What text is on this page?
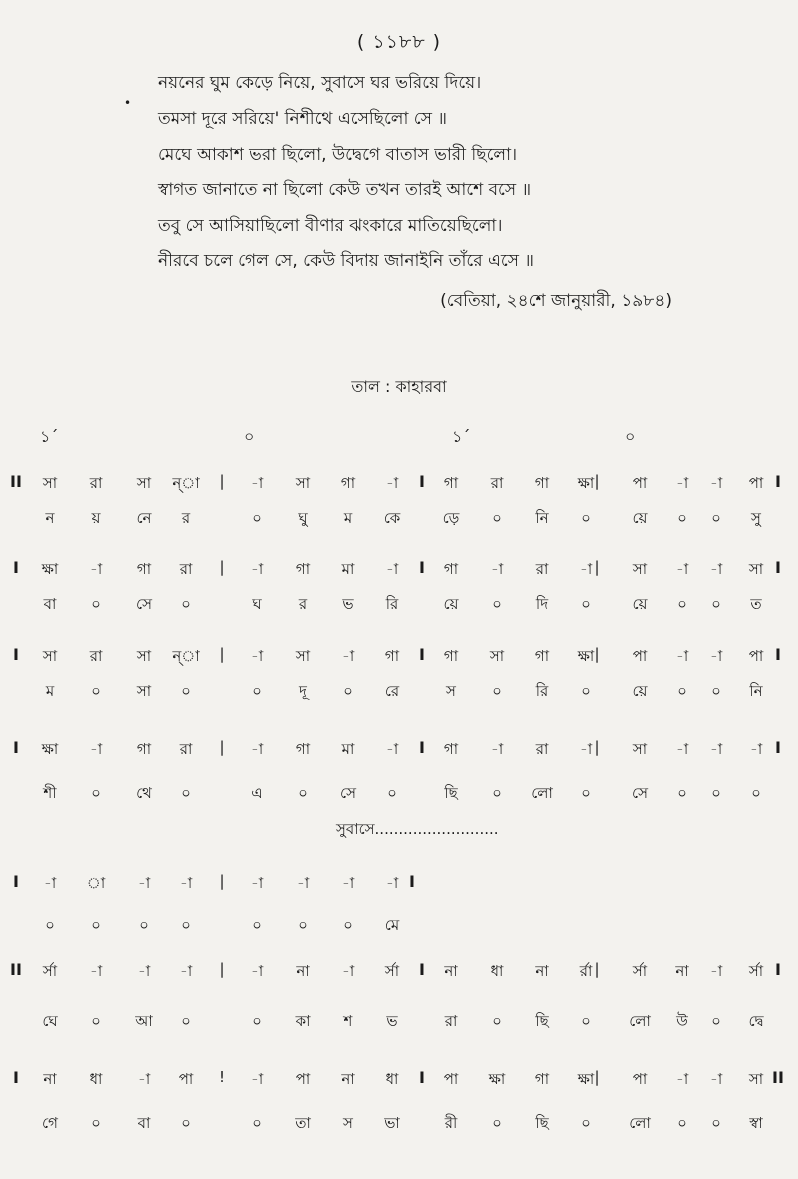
( ১১৮৮ )
•
নয়নের ঘুম কেড়ে নিয়ে, সুবাসে ঘর ভরিয়ে দিয়ে।
তমসা দূরে সরিয়ে' নিশীথে এসেছিলো সে ॥
মেঘে আকাশ ভরা ছিলো, উদ্বেগে বাতাস ভারী ছিলো।
স্বাগত জানাতে না ছিলো কেউ তখন তারই আশে বসে ॥
তবু সে আসিয়াছিলো বীণার ঝংকারে মাতিয়েছিলো।
নীরবে চলে গেল সে, কেউ বিদায় জানাইনি তাঁরে এসে ॥
(বেতিয়া, ২৪শে জানুয়ারী, ১৯৮৪)
তাল : কাহারবা
১´	০	১´	০
II সা রা সা ন্‌া | -া সা গা -া I গা রা গা ক্ষা | পা -া -া পা I
ন য় নে র	০ ঘু ম কে	ড়ে ০ নি ০	য়ে ০ ০ সু
I ক্ষা -া গা রা | -া গা মা -া I গা -া রা -া | সা -া -া সা I
বা ০ সে ০	ঘ র ভ রি	য়ে ০ দি ০	য়ে ০ ০ ত
I সা রা সা ন্‌া | -া সা -া গা I গা সা গা ক্ষা | পা -া -া পা I
ম ০ সা ০	০ দূ ০ রে	স ০ রি ০	য়ে ০ ০ নি
I ক্ষা -া গা রা | -া গা মা -া I গা -া রা -া | সা -া -া -া I
শী ০ থে ০	এ ০ সে ০	ছি ০ লো ০	সে ০ ০ ০
I -া া -া -া | -া -া -া -া I
০ ০	০ ০	০ ০ ০ মে
II র্সা -া -া -া | -া না -া র্সা I না ধা না র্রা | র্সা না -া র্সা I
ঘে ০ আ ০	০ কা শ ভ	রা ০ ছি ০	লো উ ০ দ্বে
I না ধা -া পা ! -া পা না ধা I পা ক্ষা গা ক্ষা | পা -া -া সা II
গে ০ বা ০	০ তা স ভা	রী ০ ছি ০	লো ০ ০ স্বা
সুবাসে..........................
